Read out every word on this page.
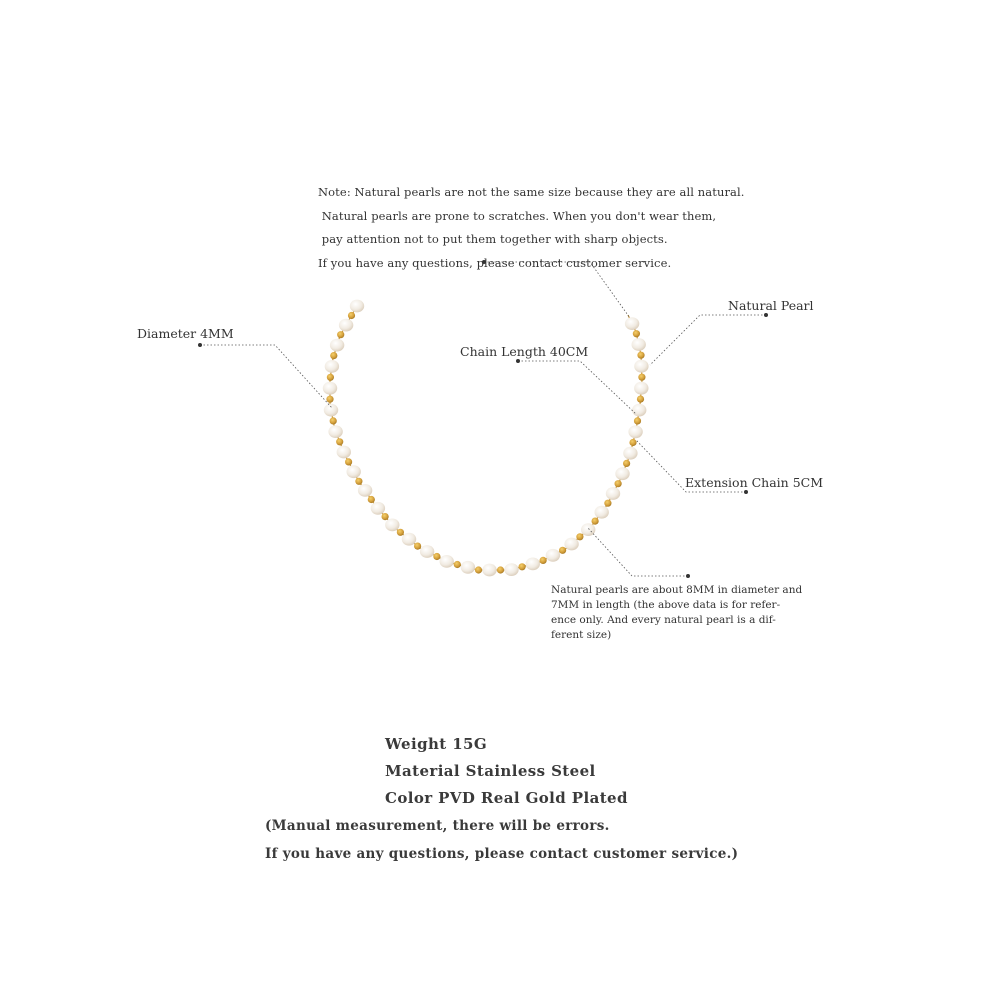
Note: Natural pearls are not the same size because they are all natural.
Natural pearls are prone to scratches. When you don't wear them,
pay attention not to put them together with sharp objects.
If you have any questions, please contact customer service.
Diameter 4MM
Natural Pearl
Chain Length 40CM
Extension Chain 5CM
Natural pearls are about 8MM in diameter and
7MM in length (the above data is for refer-
ence only. And every natural pearl is a dif-
ferent size)
Weight 15G
Material Stainless Steel
Color PVD Real Gold Plated
(Manual measurement, there will be errors.
If you have any questions, please contact customer service.)
